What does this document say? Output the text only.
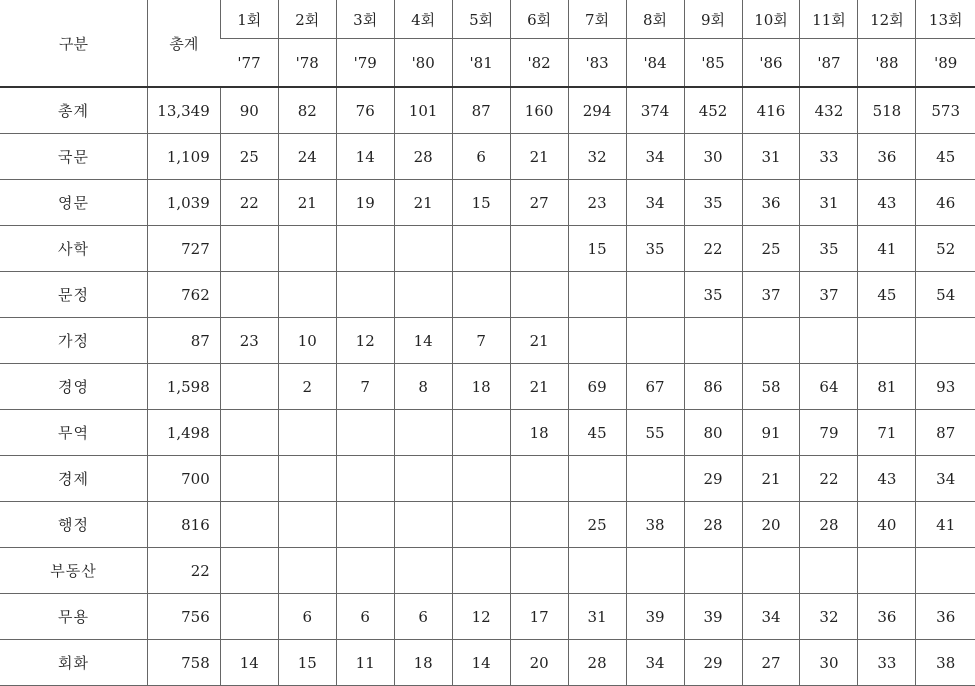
구분	총계	1회	2회	3회	4회	5회	6회	7회	8회	9회	10회	11회	12회	13회
		'77	'78	'79	'80	'81	'82	'83	'84	'85	'86	'87	'88	'89
총계	13,349	90	82	76	101	87	160	294	374	452	416	432	518	573
국문	1,109	25	24	14	28	6	21	32	34	30	31	33	36	45
영문	1,039	22	21	19	21	15	27	23	34	35	36	31	43	46
사학	727							15	35	22	25	35	41	52
문정	762									35	37	37	45	54
가정	87	23	10	12	14	7	21							
경영	1,598		2	7	8	18	21	69	67	86	58	64	81	93
무역	1,498						18	45	55	80	91	79	71	87
경제	700									29	21	22	43	34
행정	816							25	38	28	20	28	40	41
부동산	22													
무용	756		6	6	6	12	17	31	39	39	34	32	36	36
회화	758	14	15	11	18	14	20	28	34	29	27	30	33	38
